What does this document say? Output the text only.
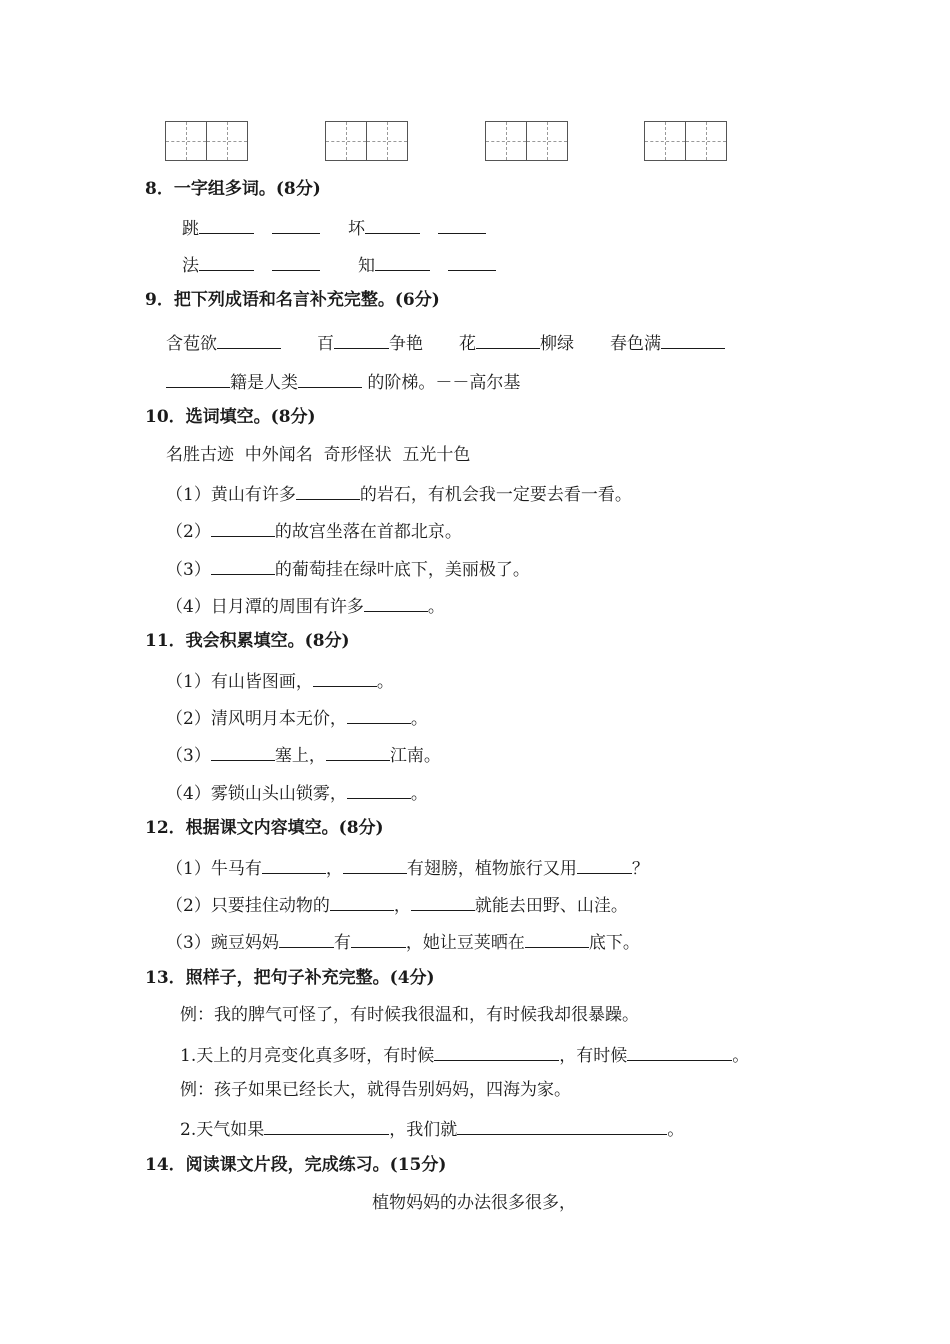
8．一字组多词。(8分)
跳	坏
法	知
9．把下列成语和名言补充完整。(6分)
含苞欲	百	争艳 花	柳绿 春色满
籍是人类	的阶梯。－－高尔基
10．选词填空。(8分)
名胜古迹  中外闻名  奇形怪状  五光十色
（1）黄山有许多	的岩石，有机会我一定要去看一看。
（2）	的故宫坐落在首都北京。
（3）	的葡萄挂在绿叶底下，美丽极了。
（4）日月潭的周围有许多	。
11．我会积累填空。(8分)
（1）有山皆图画，	。
（2）清风明月本无价，	。
（3）	塞上，	江南。
（4）雾锁山头山锁雾，	。
12．根据课文内容填空。(8分)
（1）牛马有	，	有翅膀，植物旅行又用	？
（2）只要挂住动物的	，	就能去田野、山洼。
（3）豌豆妈妈	有	，她让豆荚晒在	底下。
13．照样子，把句子补充完整。(4分)
例：我的脾气可怪了，有时候我很温和，有时候我却很暴躁。
1.天上的月亮变化真多呀，有时候	，有时候	。
例：孩子如果已经长大，就得告别妈妈，四海为家。
2.天气如果	，我们就	。
14．阅读课文片段，完成练习。(15分)
植物妈妈的办法很多很多，
